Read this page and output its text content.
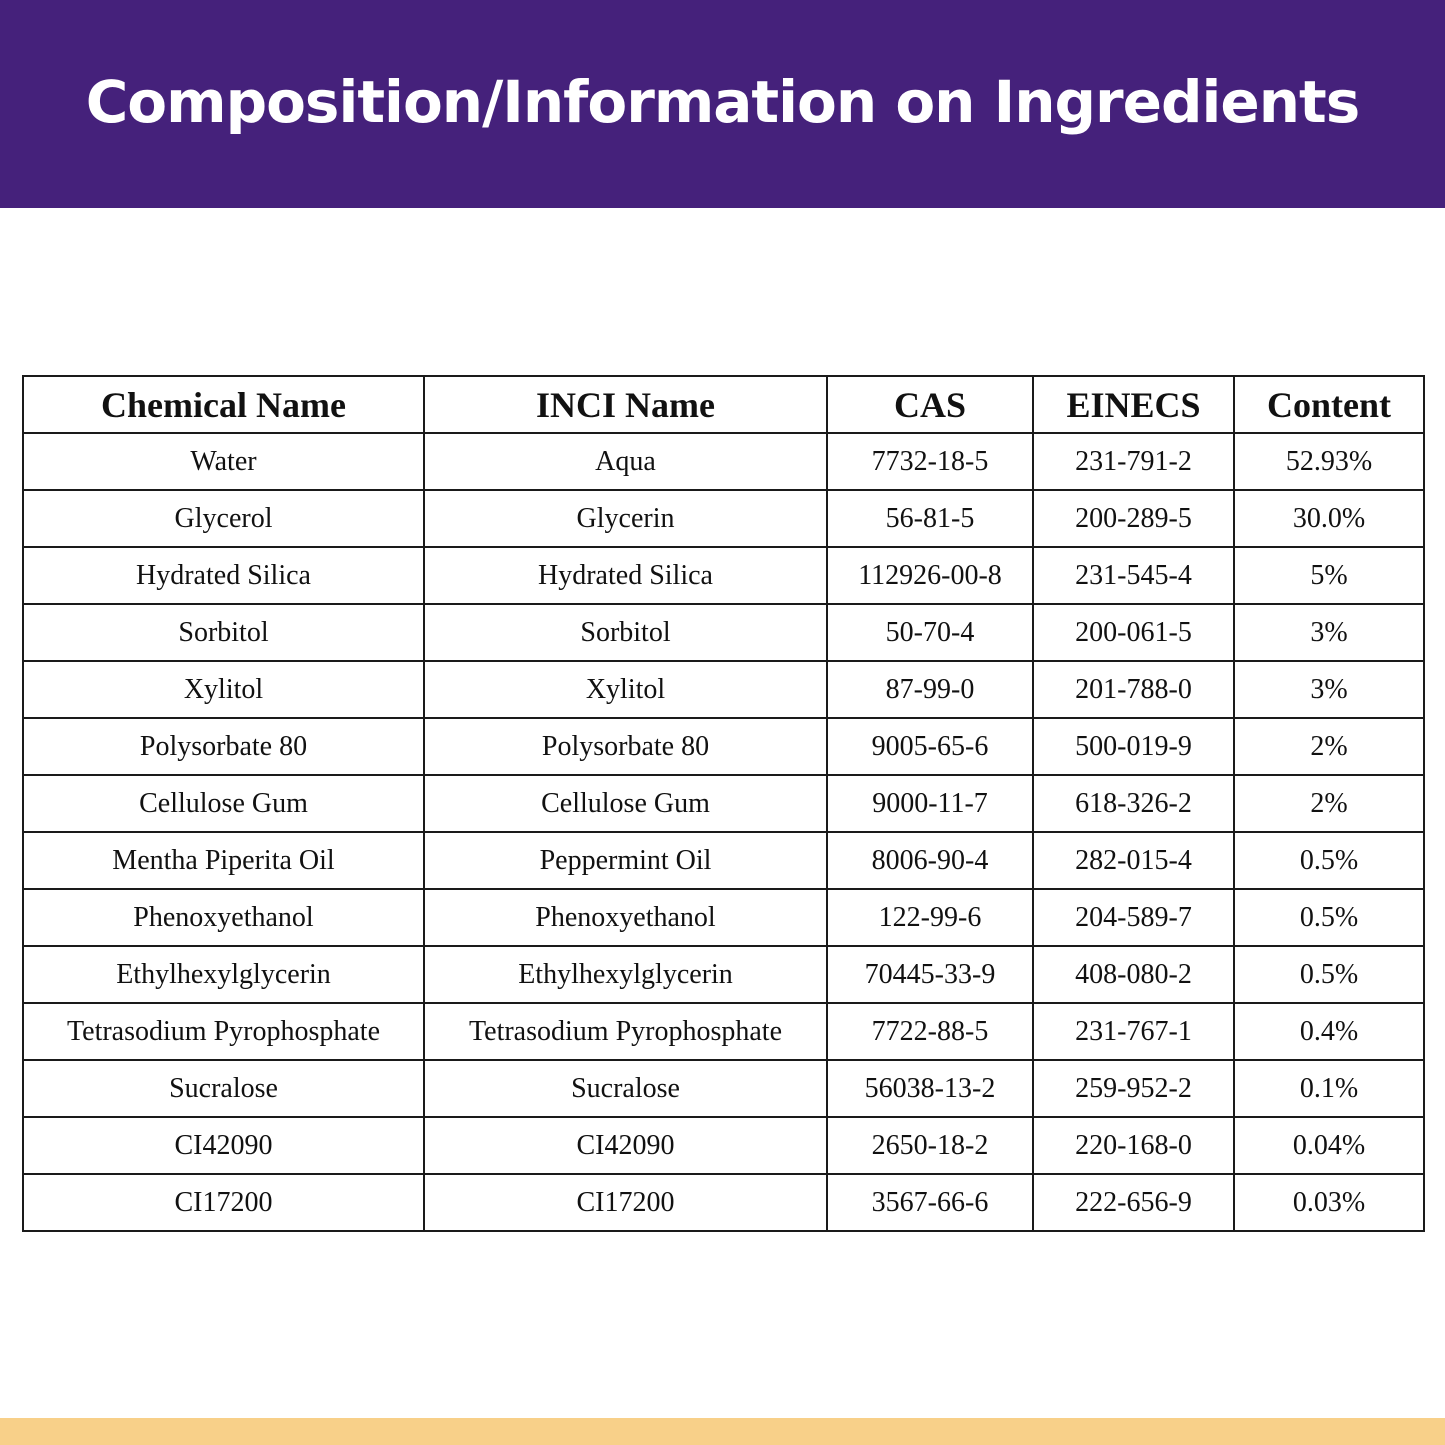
Composition/Information on Ingredients
Chemical Name	INCI Name	CAS	EINECS	Content
Water	Aqua	7732-18-5	231-791-2	52.93%
Glycerol	Glycerin	56-81-5	200-289-5	30.0%
Hydrated Silica	Hydrated Silica	112926-00-8	231-545-4	5%
Sorbitol	Sorbitol	50-70-4	200-061-5	3%
Xylitol	Xylitol	87-99-0	201-788-0	3%
Polysorbate 80	Polysorbate 80	9005-65-6	500-019-9	2%
Cellulose Gum	Cellulose Gum	9000-11-7	618-326-2	2%
Mentha Piperita Oil	Peppermint Oil	8006-90-4	282-015-4	0.5%
Phenoxyethanol	Phenoxyethanol	122-99-6	204-589-7	0.5%
Ethylhexylglycerin	Ethylhexylglycerin	70445-33-9	408-080-2	0.5%
Tetrasodium Pyrophosphate	Tetrasodium Pyrophosphate	7722-88-5	231-767-1	0.4%
Sucralose	Sucralose	56038-13-2	259-952-2	0.1%
CI42090	CI42090	2650-18-2	220-168-0	0.04%
CI17200	CI17200	3567-66-6	222-656-9	0.03%
